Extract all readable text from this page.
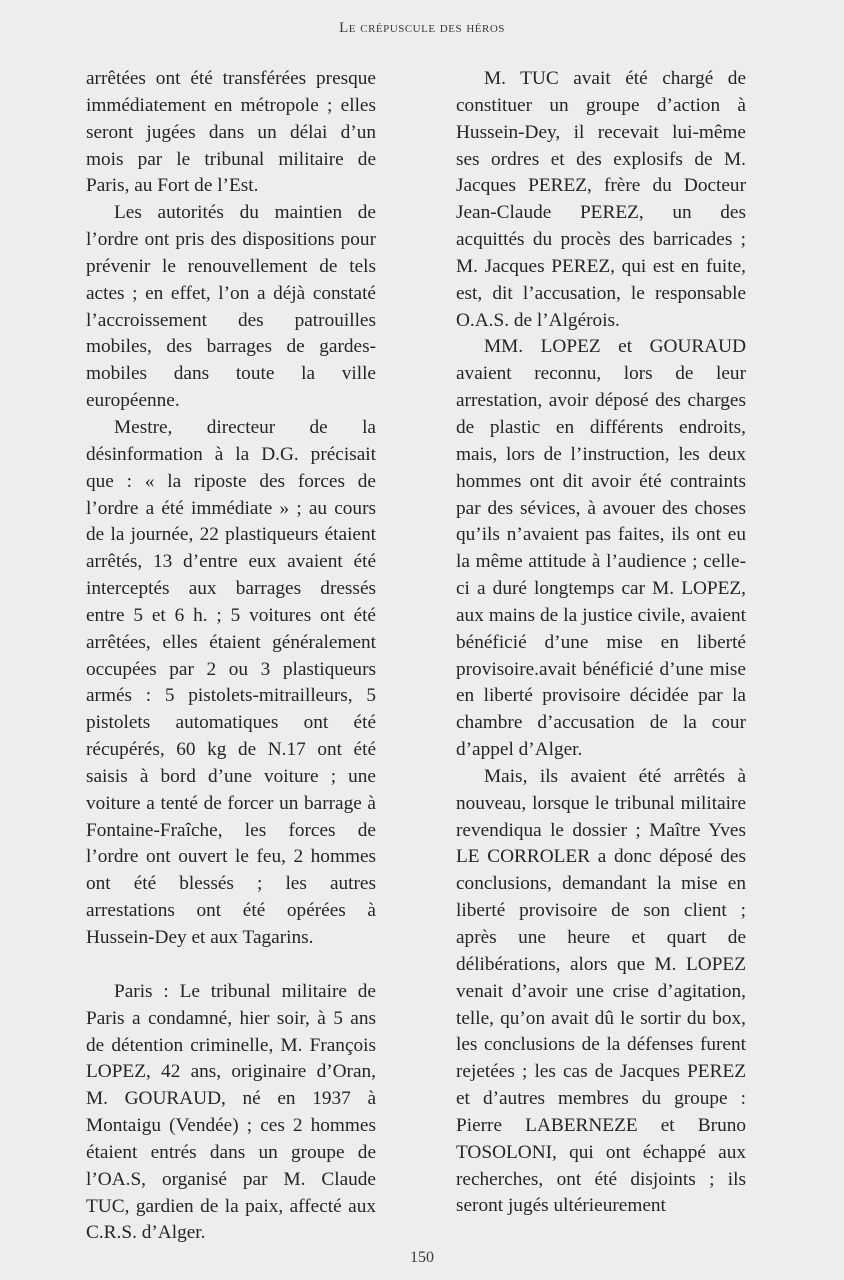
Le crépuscule des héros

arrêtées ont été transférées presque immédiatement en métropole ; elles seront jugées dans un délai d’un mois par le tribunal militaire de Paris, au Fort de l’Est.

Les autorités du maintien de l’ordre ont pris des dispositions pour prévenir le renouvellement de tels actes ; en effet, l’on a déjà constaté l’accroissement des patrouilles mobiles, des barrages de gardes-mobiles dans toute la ville européenne.

Mestre, directeur de la désinformation à la D.G. précisait que : « la riposte des forces de l’ordre a été immédiate » ; au cours de la journée, 22 plastiqueurs étaient arrêtés, 13 d’entre eux avaient été interceptés aux barrages dressés entre 5 et 6 h. ; 5 voitures ont été arrêtées, elles étaient généralement occupées par 2 ou 3 plastiqueurs armés : 5 pistolets-mitrailleurs, 5 pistolets automatiques ont été récupérés, 60 kg de N.17 ont été saisis à bord d’une voiture ; une voiture a tenté de forcer un barrage à Fontaine-Fraîche, les forces de l’ordre ont ouvert le feu, 2 hommes ont été blessés ; les autres arrestations ont été opérées à Hussein-Dey et aux Tagarins.

Paris : Le tribunal militaire de Paris a condamné, hier soir, à 5 ans de détention criminelle, M. François LOPEZ, 42 ans, originaire d’Oran, M. GOURAUD, né en 1937 à Montaigu (Vendée) ; ces 2 hommes étaient entrés dans un groupe de l’OA.S, organisé par M. Claude TUC, gardien de la paix, affecté aux C.R.S. d’Alger.

M. TUC avait été chargé de constituer un groupe d’action à Hussein-Dey, il recevait lui-même ses ordres et des explosifs de M. Jacques PEREZ, frère du Docteur Jean-Claude PEREZ, un des acquittés du procès des barricades ; M. Jacques PEREZ, qui est en fuite, est, dit l’accusation, le responsable O.A.S. de l’Algérois.

MM. LOPEZ et GOURAUD avaient reconnu, lors de leur arrestation, avoir déposé des charges de plastic en différents endroits, mais, lors de l’instruction, les deux hommes ont dit avoir été contraints par des sévices, à avouer des choses qu’ils n’avaient pas faites, ils ont eu la même attitude à l’audience ; celle-ci a duré longtemps car M. LOPEZ, aux mains de la justice civile, avaient bénéficié d’une mise en liberté provisoire.avait bénéficié d’une mise en liberté provisoire décidée par la chambre d’accusation de la cour d’appel d’Alger.

Mais, ils avaient été arrêtés à nouveau, lorsque le tribunal militaire revendiqua le dossier ; Maître Yves LE CORROLER a donc déposé des conclusions, demandant la mise en liberté provisoire de son client ; après une heure et quart de délibérations, alors que M. LOPEZ venait d’avoir une crise d’agitation, telle, qu’on avait dû le sortir du box, les conclusions de la défenses furent rejetées ; les cas de Jacques PEREZ et d’autres membres du groupe : Pierre LABERNEZE et Bruno TOSOLONI, qui ont échappé aux recherches, ont été disjoints ; ils seront jugés ultérieurement

150
